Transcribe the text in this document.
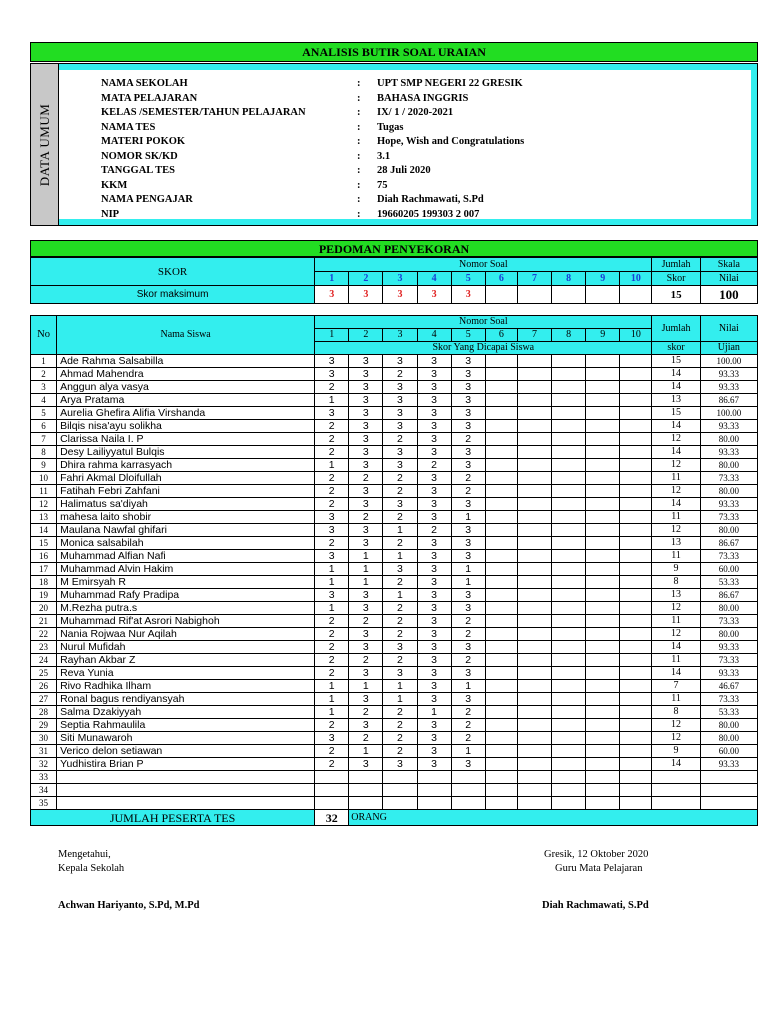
ANALISIS BUTIR SOAL URAIAN
DATA UMUM
NAMA SEKOLAH	: UPT SMP NEGERI 22 GRESIK
MATA PELAJARAN	: BAHASA INGGRIS
KELAS /SEMESTER/TAHUN PELAJARAN	: IX/ 1 / 2020-2021
NAMA TES	: Tugas
MATERI POKOK	: Hope, Wish and Congratulations
NOMOR SK/KD	: 3.1
TANGGAL TES	: 28 Juli 2020
KKM	: 75
NAMA PENGAJAR	: Diah Rachmawati, S.Pd
NIP	: 19660205 199303 2 007
PEDOMAN PENYEKORAN
SKOR	Nomor Soal										Jumlah	Skala
	1	2	3	4	5	6	7	8	9	10	Skor	Nilai
Skor maksimum	3	3	3	3	3						15	100
No	Nama Siswa	Nomor Soal										Jumlah	Nilai
		1	2	3	4	5	6	7	8	9	10		
		Skor Yang Dicapai Siswa										skor	Ujian
1	Ade Rahma Salsabilla	3	3	3	3	3						15	100.00
2	Ahmad Mahendra	3	3	2	3	3						14	93.33
3	Anggun alya vasya	2	3	3	3	3						14	93.33
4	Arya Pratama	1	3	3	3	3						13	86.67
5	Aurelia Ghefira Alifia Virshanda	3	3	3	3	3						15	100.00
6	Bilqis nisa'ayu solikha	2	3	3	3	3						14	93.33
7	Clarissa Naila I. P	2	3	2	3	2						12	80.00
8	Desy Lailiyyatul Bulqis	2	3	3	3	3						14	93.33
9	Dhira rahma karrasyach	1	3	3	2	3						12	80.00
10	Fahri Akmal Dloifullah	2	2	2	3	2						11	73.33
11	Fatihah Febri Zahfani	2	3	2	3	2						12	80.00
12	Halimatus sa'diyah	2	3	3	3	3						14	93.33
13	mahesa laito shobir	3	2	2	3	1						11	73.33
14	Maulana Nawfal ghifari	3	3	1	2	3						12	80.00
15	Monica salsabilah	2	3	2	3	3						13	86.67
16	Muhammad Alfian Nafi	3	1	1	3	3						11	73.33
17	Muhammad Alvin Hakim	1	1	3	3	1						9	60.00
18	M Emirsyah R	1	1	2	3	1						8	53.33
19	Muhammad Rafy Pradipa	3	3	1	3	3						13	86.67
20	M.Rezha putra.s	1	3	2	3	3						12	80.00
21	Muhammad Rif'at Asrori Nabighoh	2	2	2	3	2						11	73.33
22	Nania Rojwaa Nur Aqilah	2	3	2	3	2						12	80.00
23	Nurul Mufidah	2	3	3	3	3						14	93.33
24	Rayhan Akbar Z	2	2	2	3	2						11	73.33
25	Reva Yunia	2	3	3	3	3						14	93.33
26	Rivo Radhika Ilham	1	1	1	3	1						7	46.67
27	Ronal bagus rendiyansyah	1	3	1	3	3						11	73.33
28	Salma Dzakiyyah	1	2	2	1	2						8	53.33
29	Septia Rahmaulila	2	3	2	3	2						12	80.00
30	Siti Munawaroh	3	2	2	3	2						12	80.00
31	Verico delon setiawan	2	1	2	3	1						9	60.00
32	Yudhistira Brian P	2	3	3	3	3						14	93.33
33													
34													
35													
JUMLAH PESERTA TES		32	ORANG										
Mengetahui,
Kepala Sekolah
Achwan Hariyanto, S.Pd, M.Pd
Gresik, 12 Oktober 2020
Guru Mata Pelajaran
Diah Rachmawati, S.Pd
